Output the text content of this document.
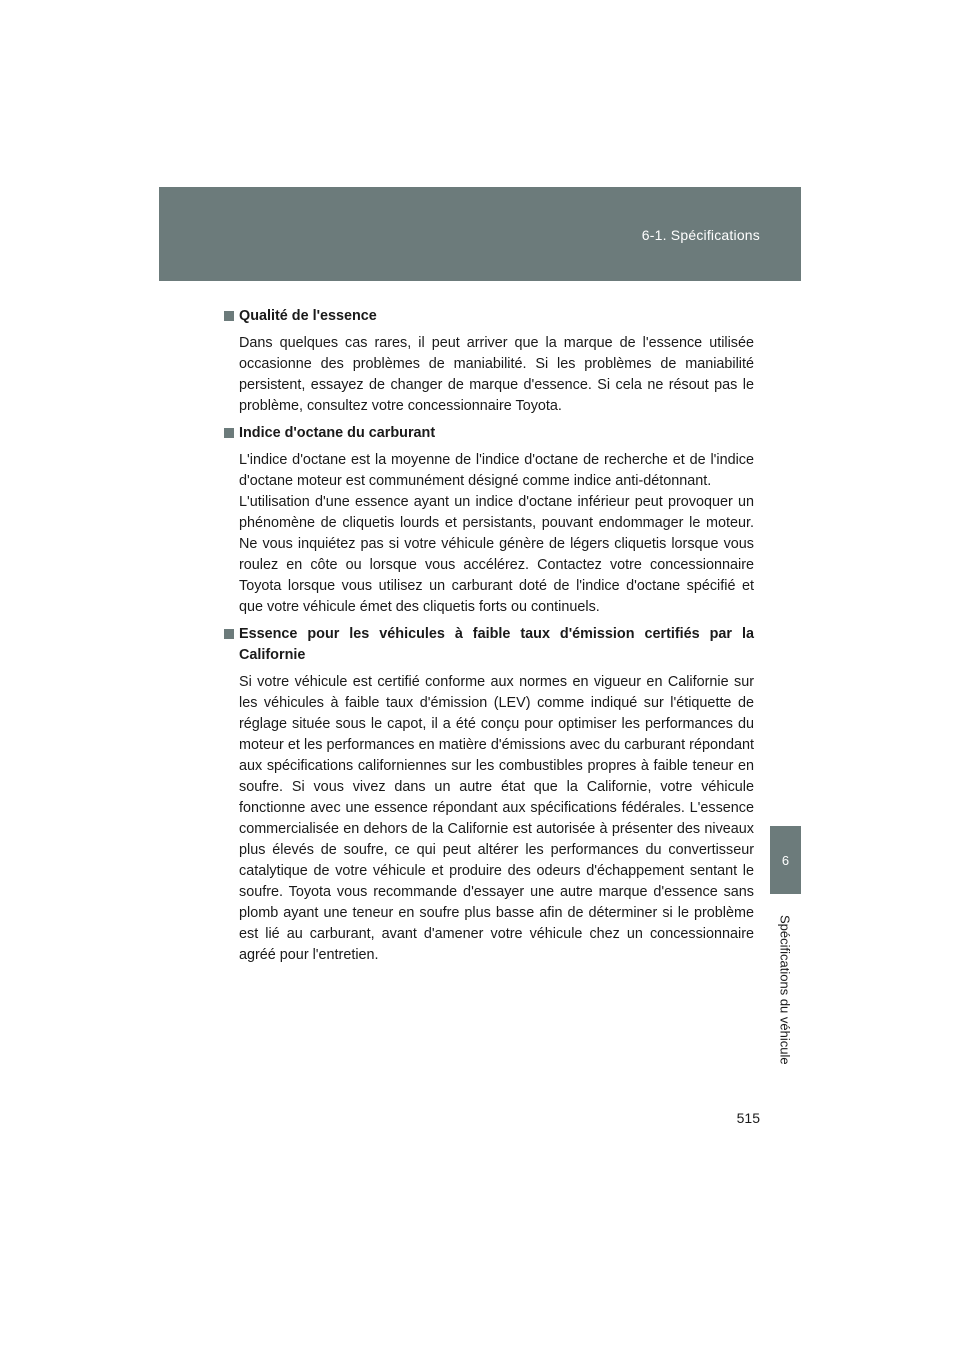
6-1. Spécifications
6
Spécifications du véhicule
Qualité de l'essence

Dans quelques cas rares, il peut arriver que la marque de l'essence utilisée occasionne des problèmes de maniabilité. Si les problèmes de maniabilité persistent, essayez de changer de marque d'essence. Si cela ne résout pas le problème, consultez votre concessionnaire Toyota.

Indice d'octane du carburant

L'indice d'octane est la moyenne de l'indice d'octane de recherche et de l'indice d'octane moteur est communément désigné comme indice anti-détonnant.

L'utilisation d'une essence ayant un indice d'octane inférieur peut provoquer un phénomène de cliquetis lourds et persistants, pouvant endommager le moteur. Ne vous inquiétez pas si votre véhicule génère de légers cliquetis lorsque vous roulez en côte ou lorsque vous accélérez. Contactez votre concessionnaire Toyota lorsque vous utilisez un carburant doté de l'indice d'octane spécifié et que votre véhicule émet des cliquetis forts ou continuels.

Essence pour les véhicules à faible taux d'émission certifiés par la Californie

Si votre véhicule est certifié conforme aux normes en vigueur en Californie sur les véhicules à faible taux d'émission (LEV) comme indiqué sur l'étiquette de réglage située sous le capot, il a été conçu pour optimiser les performances du moteur et les performances en matière d'émissions avec du carburant répondant aux spécifications californiennes sur les combustibles propres à faible teneur en soufre. Si vous vivez dans un autre état que la Californie, votre véhicule fonctionne avec une essence répondant aux spécifications fédérales. L'essence commercialisée en dehors de la Californie est autorisée à présenter des niveaux plus élevés de soufre, ce qui peut altérer les performances du convertisseur catalytique de votre véhicule et produire des odeurs d'échappement sentant le soufre. Toyota vous recommande d'essayer une autre marque d'essence sans plomb ayant une teneur en soufre plus basse afin de déterminer si le problème est lié au carburant, avant d'amener votre véhicule chez un concessionnaire agréé pour l'entretien.

515
